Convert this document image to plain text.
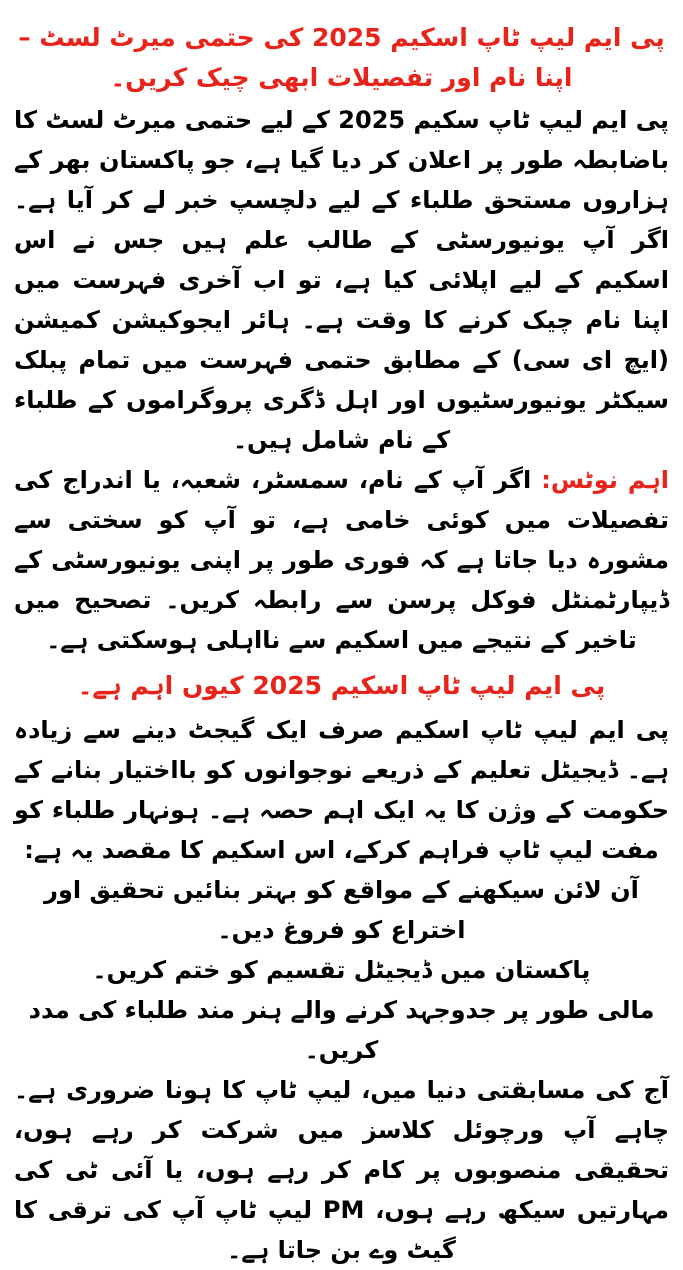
پی ایم لیپ ٹاپ اسکیم 2025 کی حتمی میرٹ لسٹ – اپنا نام اور تفصیلات ابھی چیک کریں۔

پی ایم لیپ ٹاپ سکیم 2025 کے لیے حتمی میرٹ لسٹ کا باضابطہ طور پر اعلان کر دیا گیا ہے، جو پاکستان بھر کے ہزاروں مستحق طلباء کے لیے دلچسپ خبر لے کر آیا ہے۔ اگر آپ یونیورسٹی کے طالب علم ہیں جس نے اس اسکیم کے لیے اپلائی کیا ہے، تو اب آخری فہرست میں اپنا نام چیک کرنے کا وقت ہے۔ ہائر ایجوکیشن کمیشن (ایچ ای سی) کے مطابق حتمی فہرست میں تمام پبلک سیکٹر یونیورسٹیوں اور اہل ڈگری پروگراموں کے طلباء کے نام شامل ہیں۔

اہم نوٹس: اگر آپ کے نام، سمسٹر، شعبہ، یا اندراج کی تفصیلات میں کوئی خامی ہے، تو آپ کو سختی سے مشورہ دیا جاتا ہے کہ فوری طور پر اپنی یونیورسٹی کے ڈیپارٹمنٹل فوکل پرسن سے رابطہ کریں۔ تصحیح میں تاخیر کے نتیجے میں اسکیم سے نااہلی ہوسکتی ہے۔

پی ایم لیپ ٹاپ اسکیم 2025 کیوں اہم ہے۔

پی ایم لیپ ٹاپ اسکیم صرف ایک گیجٹ دینے سے زیادہ ہے۔ ڈیجیٹل تعلیم کے ذریعے نوجوانوں کو بااختیار بنانے کے حکومت کے وژن کا یہ ایک اہم حصہ ہے۔ ہونہار طلباء کو مفت لیپ ٹاپ فراہم کرکے، اس اسکیم کا مقصد یہ ہے:

آن لائن سیکھنے کے مواقع کو بہتر بنائیں تحقیق اور اختراع کو فروغ دیں۔

پاکستان میں ڈیجیٹل تقسیم کو ختم کریں۔

مالی طور پر جدوجہد کرنے والے ہنر مند طلباء کی مدد کریں۔

آج کی مسابقتی دنیا میں، لیپ ٹاپ کا ہونا ضروری ہے۔ چاہے آپ ورچوئل کلاسز میں شرکت کر رہے ہوں، تحقیقی منصوبوں پر کام کر رہے ہوں، یا آئی ٹی کی مہارتیں سیکھ رہے ہوں، PM لیپ ٹاپ آپ کی ترقی کا گیٹ وے بن جاتا ہے۔
